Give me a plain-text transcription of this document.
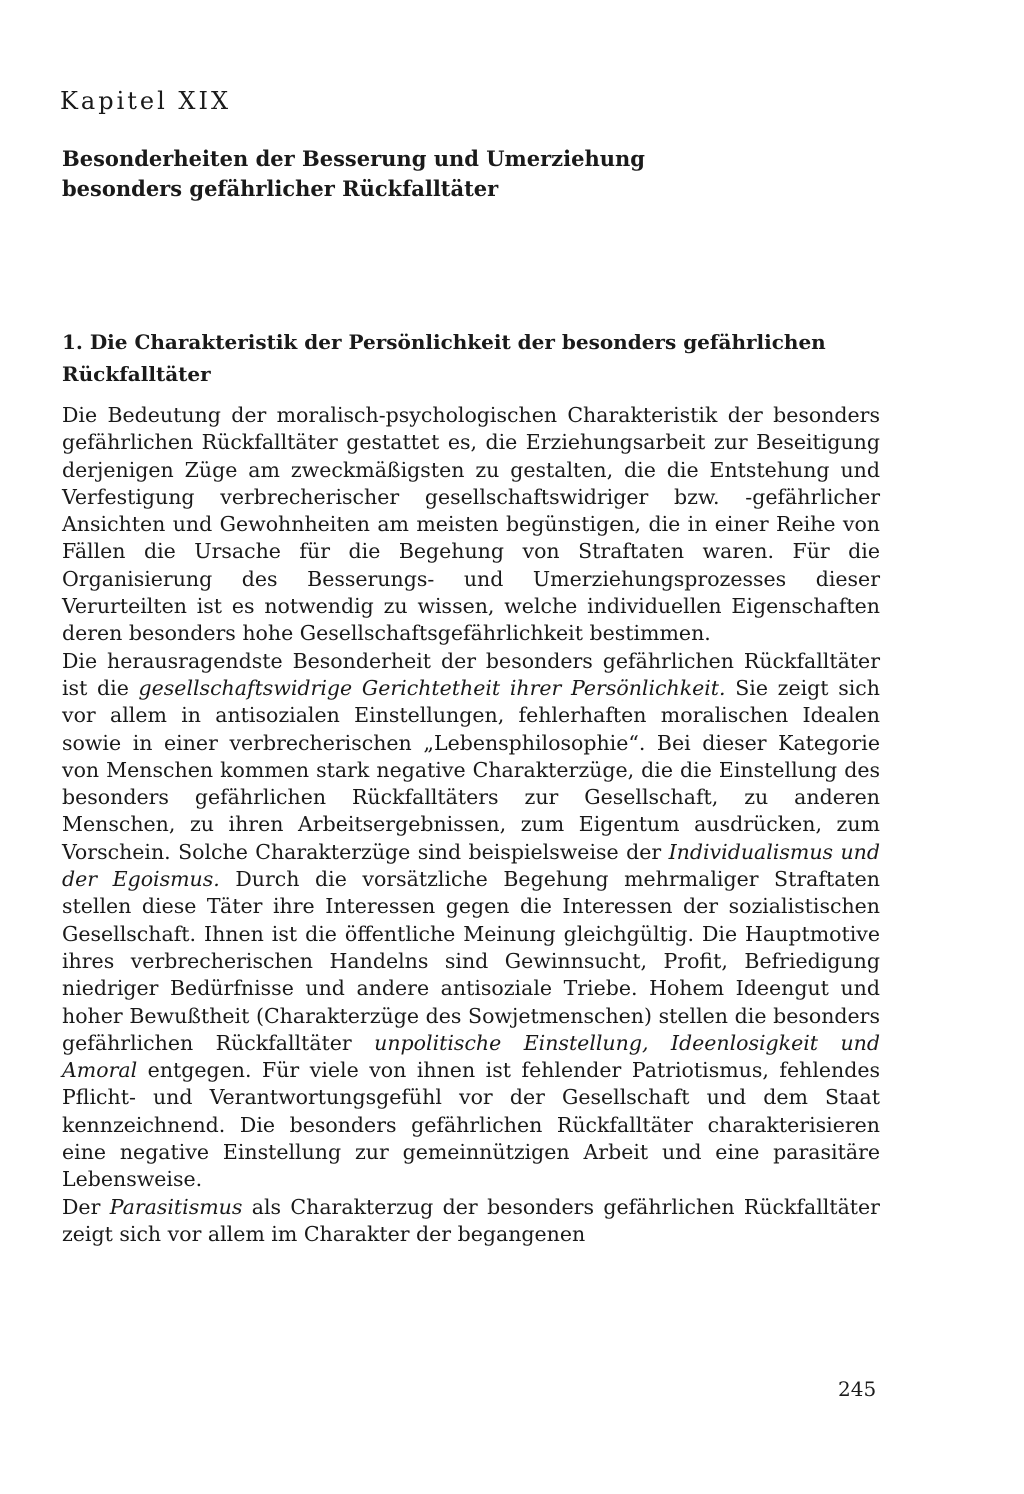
Kapitel XIX
Besonderheiten der Besserung und Umerziehung
besonders gefährlicher Rückfalltäter
1. Die Charakteristik der Persönlichkeit der besonders gefährlichen
Rückfalltäter

Die Bedeutung der moralisch-psychologischen Charakteristik der besonders gefährlichen Rückfalltäter gestattet es, die Erziehungsarbeit zur Beseitigung derjenigen Züge am zweckmäßigsten zu gestalten, die die Entstehung und Verfestigung verbrecherischer gesellschaftswidriger bzw. -gefährlicher Ansichten und Gewohnheiten am meisten begünstigen, die in einer Reihe von Fällen die Ursache für die Begehung von Straftaten waren. Für die Organisierung des Besserungs- und Umerziehungsprozesses dieser Verurteilten ist es notwendig zu wissen, welche individuellen Eigenschaften deren besonders hohe Gesellschaftsgefährlichkeit bestimmen.

Die herausragendste Besonderheit der besonders gefährlichen Rückfalltäter ist die gesellschaftswidrige Gerichtetheit ihrer Persönlichkeit. Sie zeigt sich vor allem in antisozialen Einstellungen, fehlerhaften moralischen Idealen sowie in einer verbrecherischen „Lebensphilosophie“. Bei dieser Kategorie von Menschen kommen stark negative Charakterzüge, die die Einstellung des besonders gefährlichen Rückfalltäters zur Gesellschaft, zu anderen Menschen, zu ihren Arbeitsergebnissen, zum Eigentum ausdrücken, zum Vorschein. Solche Charakterzüge sind beispielsweise der Individualismus und der Egoismus. Durch die vorsätzliche Begehung mehrmaliger Straftaten stellen diese Täter ihre Interessen gegen die Interessen der sozialistischen Gesellschaft. Ihnen ist die öffentliche Meinung gleichgültig. Die Hauptmotive ihres verbrecherischen Handelns sind Gewinnsucht, Profit, Befriedigung niedriger Bedürfnisse und andere antisoziale Triebe. Hohem Ideengut und hoher Bewußtheit (Charakterzüge des Sowjetmenschen) stellen die besonders gefährlichen Rückfalltäter unpolitische Einstellung, Ideenlosigkeit und Amoral entgegen. Für viele von ihnen ist fehlender Patriotismus, fehlendes Pflicht- und Verantwortungsgefühl vor der Gesellschaft und dem Staat kennzeichnend. Die besonders gefährlichen Rückfalltäter charakterisieren eine negative Einstellung zur gemeinnützigen Arbeit und eine parasitäre Lebensweise.

Der Parasitismus als Charakterzug der besonders gefährlichen Rückfalltäter zeigt sich vor allem im Charakter der begangenen

245
